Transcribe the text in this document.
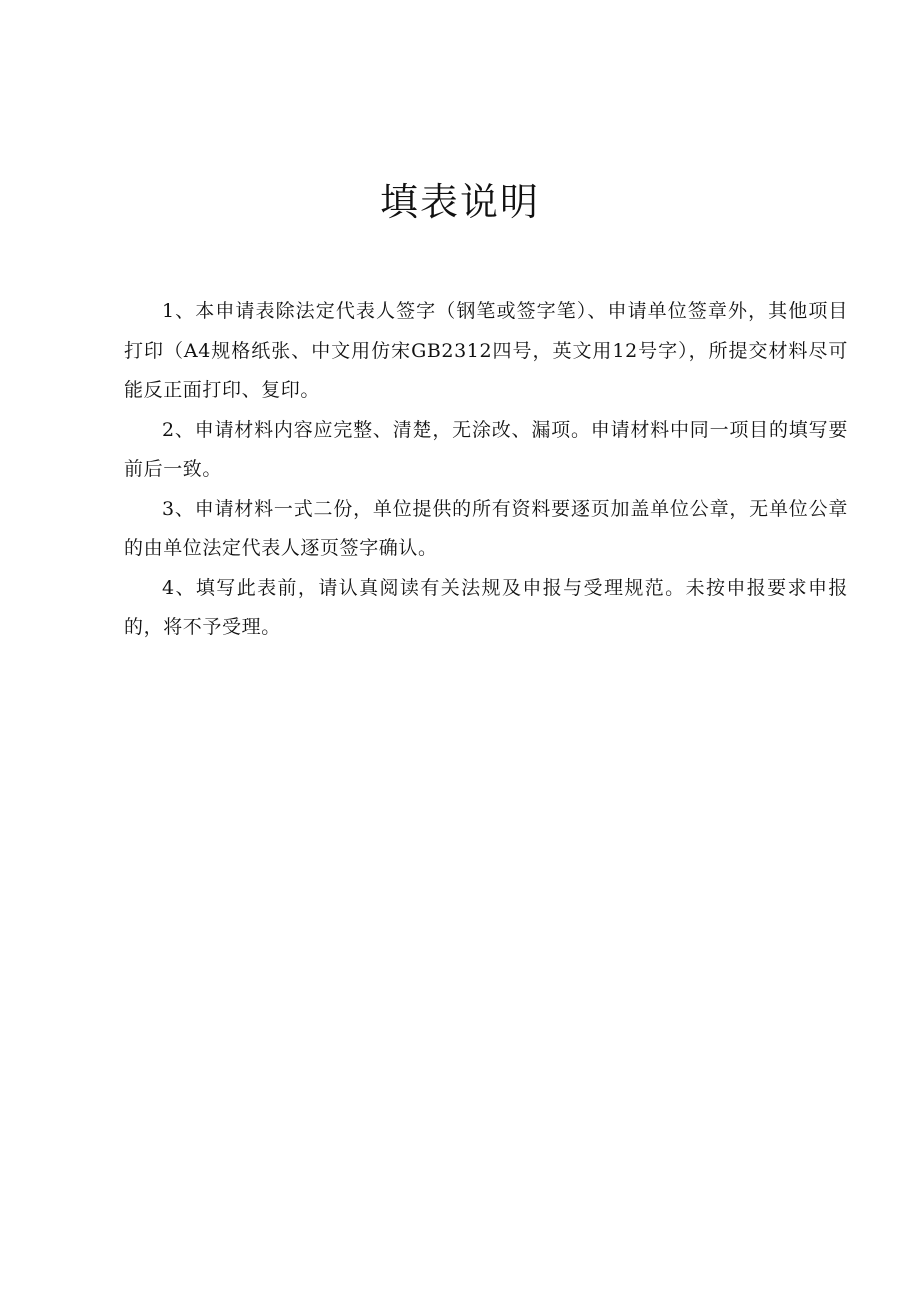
填表说明

1、本申请表除法定代表人签字（钢笔或签字笔）、申请单位签章外，其他项目打印（A4规格纸张、中文用仿宋GB2312四号，英文用12号字），所提交材料尽可能反正面打印、复印。

2、申请材料内容应完整、清楚，无涂改、漏项。申请材料中同一项目的填写要前后一致。

3、申请材料一式二份，单位提供的所有资料要逐页加盖单位公章，无单位公章的由单位法定代表人逐页签字确认。

4、填写此表前，请认真阅读有关法规及申报与受理规范。未按申报要求申报的，将不予受理。
